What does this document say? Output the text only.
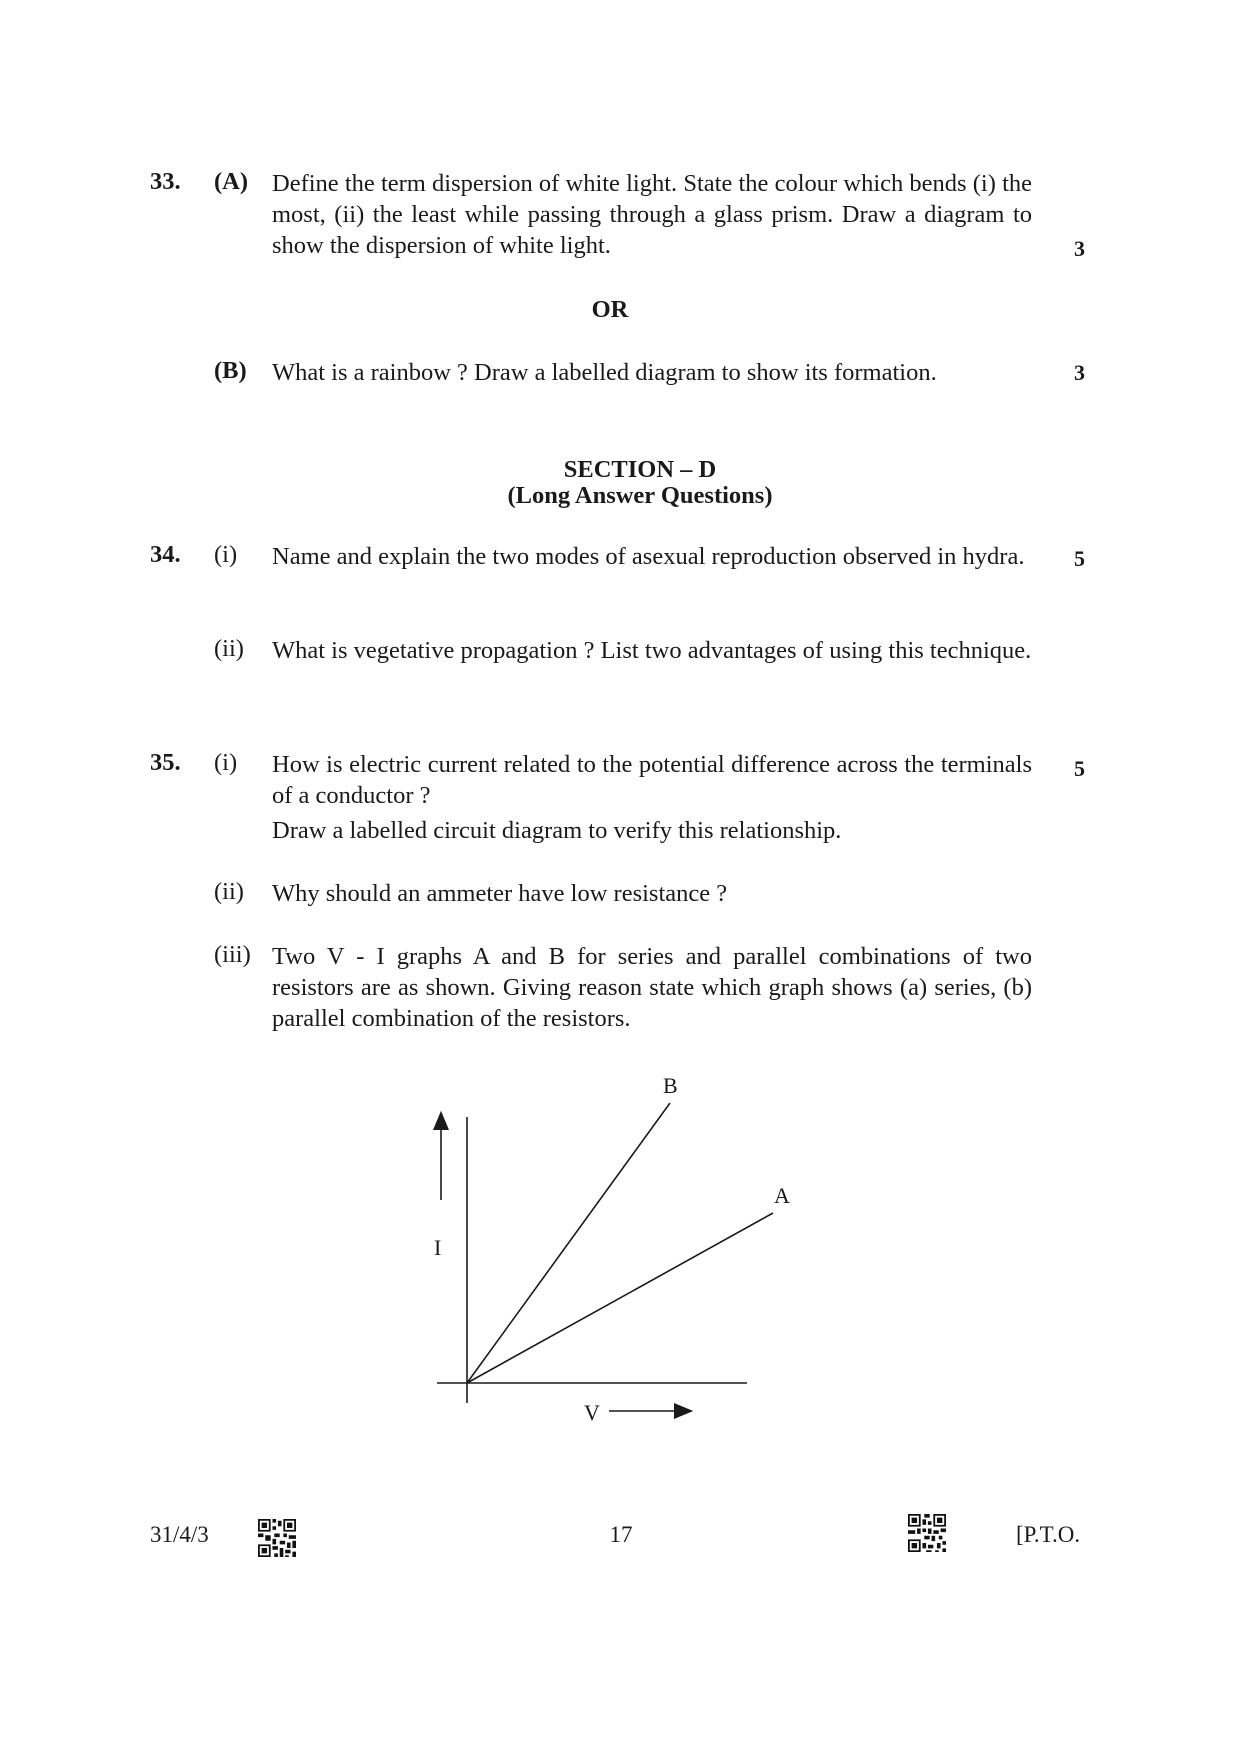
33. (A) Define the term dispersion of white light. State the colour which bends (i) the most, (ii) the least while passing through a glass prism. Draw a diagram to show the dispersion of white light.	3
OR
(B) What is a rainbow ? Draw a labelled diagram to show its formation.	3
SECTION – D
(Long Answer Questions)
34. (i) Name and explain the two modes of asexual reproduction observed in hydra.	5
(ii) What is vegetative propagation ? List two advantages of using this technique.
35. (i) How is electric current related to the potential difference across the terminals of a conductor ?
Draw a labelled circuit diagram to verify this relationship.
5
(ii) Why should an ammeter have low resistance ?
(iii) Two V - I graphs A and B for series and parallel combinations of two resistors are as shown. Giving reason state which graph shows (a) series, (b) parallel combination of the resistors.
I
V
B
A
31/4/3	17	[P.T.O.
